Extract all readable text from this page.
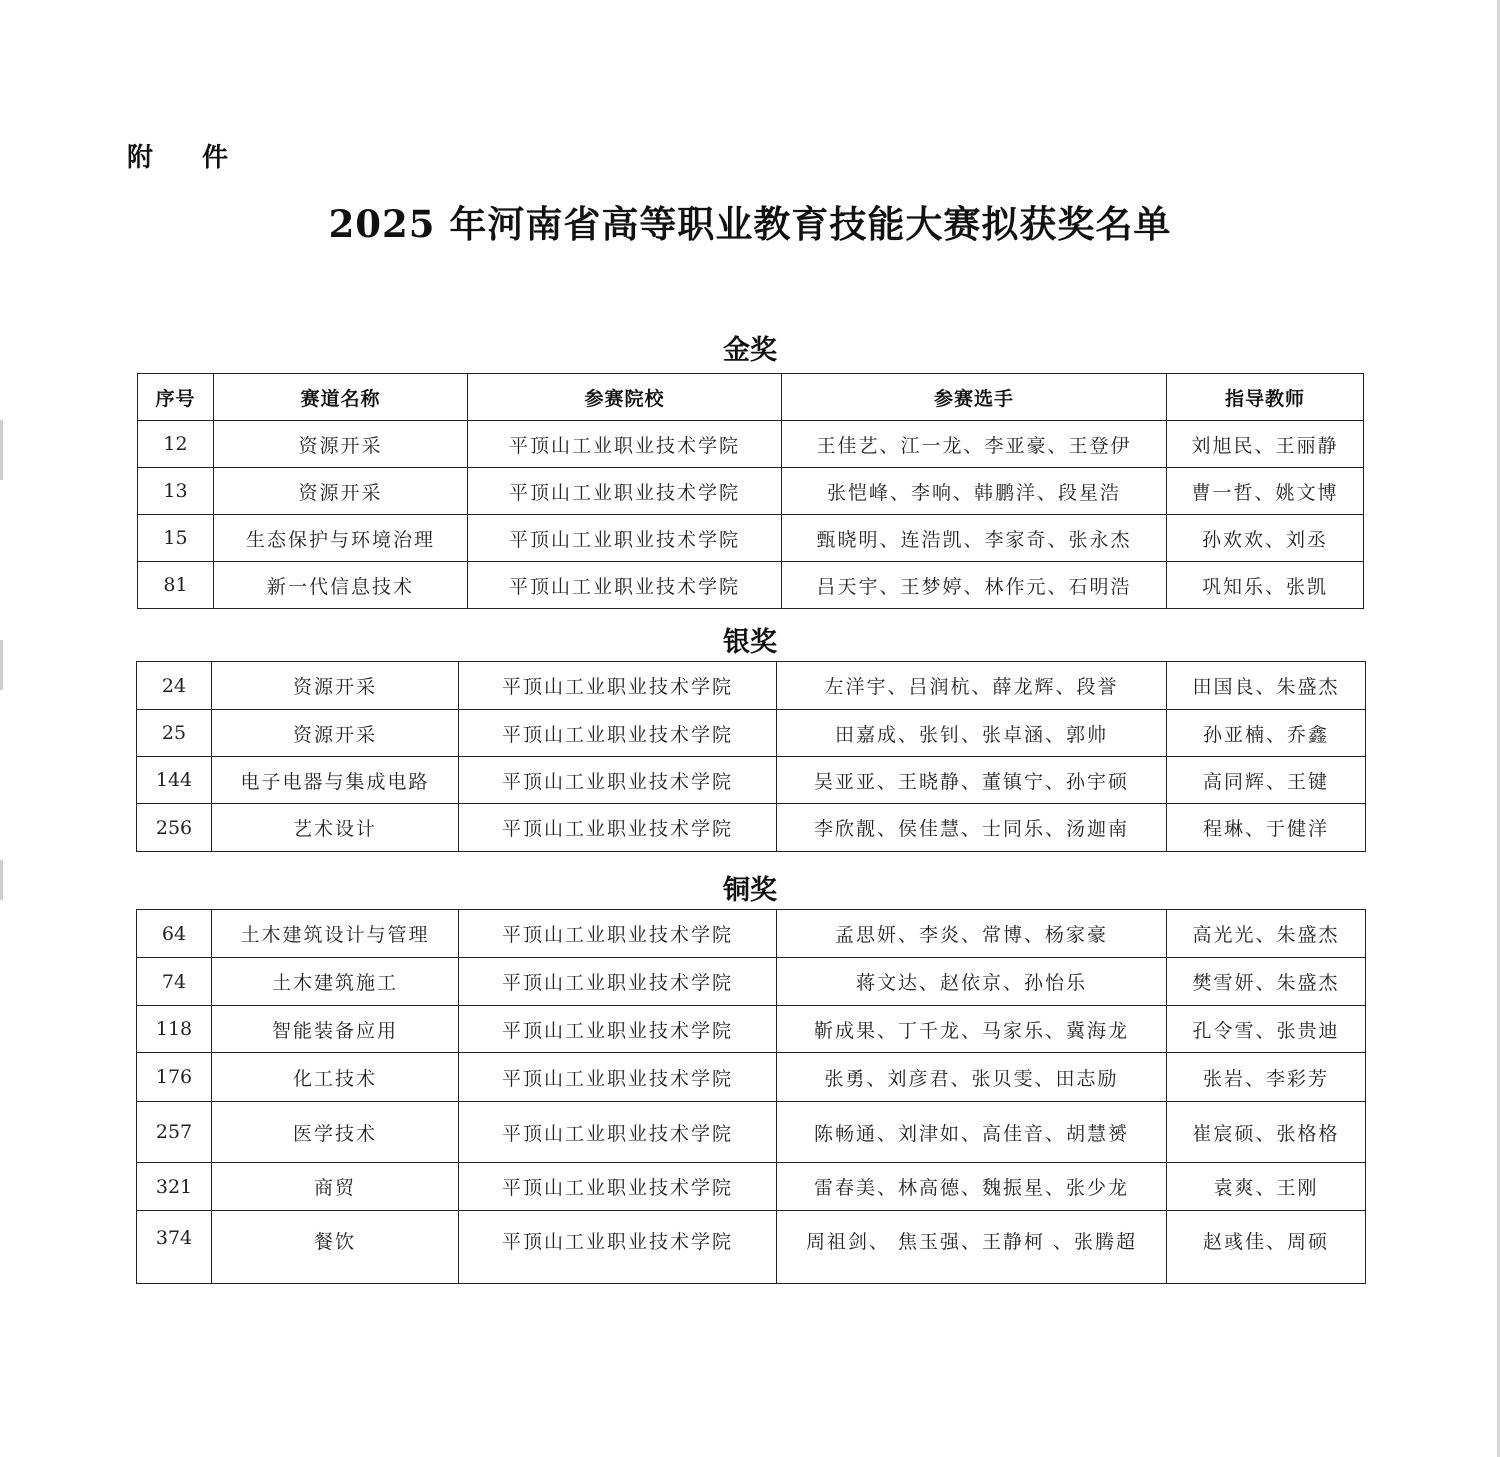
附 件
2025 年河南省高等职业教育技能大赛拟获奖名单
金奖
序号	赛道名称	参赛院校	参赛选手	指导教师
12	资源开采	平顶山工业职业技术学院	王佳艺、江一龙、李亚豪、王登伊	刘旭民、王丽静
13	资源开采	平顶山工业职业技术学院	张恺峰、李响、韩鹏洋、段星浩	曹一哲、姚文博
15	生态保护与环境治理	平顶山工业职业技术学院	甄晓明、连浩凯、李家奇、张永杰	孙欢欢、刘丞
81	新一代信息技术	平顶山工业职业技术学院	吕天宇、王梦婷、林作元、石明浩	巩知乐、张凯
银奖
24	资源开采	平顶山工业职业技术学院	左洋宇、吕润杭、薛龙辉、段誉	田国良、朱盛杰
25	资源开采	平顶山工业职业技术学院	田嘉成、张钊、张卓涵、郭帅	孙亚楠、乔鑫
144	电子电器与集成电路	平顶山工业职业技术学院	吴亚亚、王晓静、董镇宁、孙宇硕	高同辉、王键
256	艺术设计	平顶山工业职业技术学院	李欣靓、侯佳慧、士同乐、汤迦南	程琳、于健洋
铜奖
64	土木建筑设计与管理	平顶山工业职业技术学院	孟思妍、李炎、常博、杨家豪	高光光、朱盛杰
74	土木建筑施工	平顶山工业职业技术学院	蒋文达、赵依京、孙怡乐	樊雪妍、朱盛杰
118	智能装备应用	平顶山工业职业技术学院	靳成果、丁千龙、马家乐、冀海龙	孔令雪、张贵迪
176	化工技术	平顶山工业职业技术学院	张勇、刘彦君、张贝雯、田志励	张岩、李彩芳
257	医学技术	平顶山工业职业技术学院	陈畅通、刘津如、高佳音、胡慧赟	崔宸硕、张格格
321	商贸	平顶山工业职业技术学院	雷春美、林高德、魏振星、张少龙	袁爽、王刚
374	餐饮	平顶山工业职业技术学院	周祖剑、 焦玉强、王静柯 、张腾超	赵彧佳、周硕
